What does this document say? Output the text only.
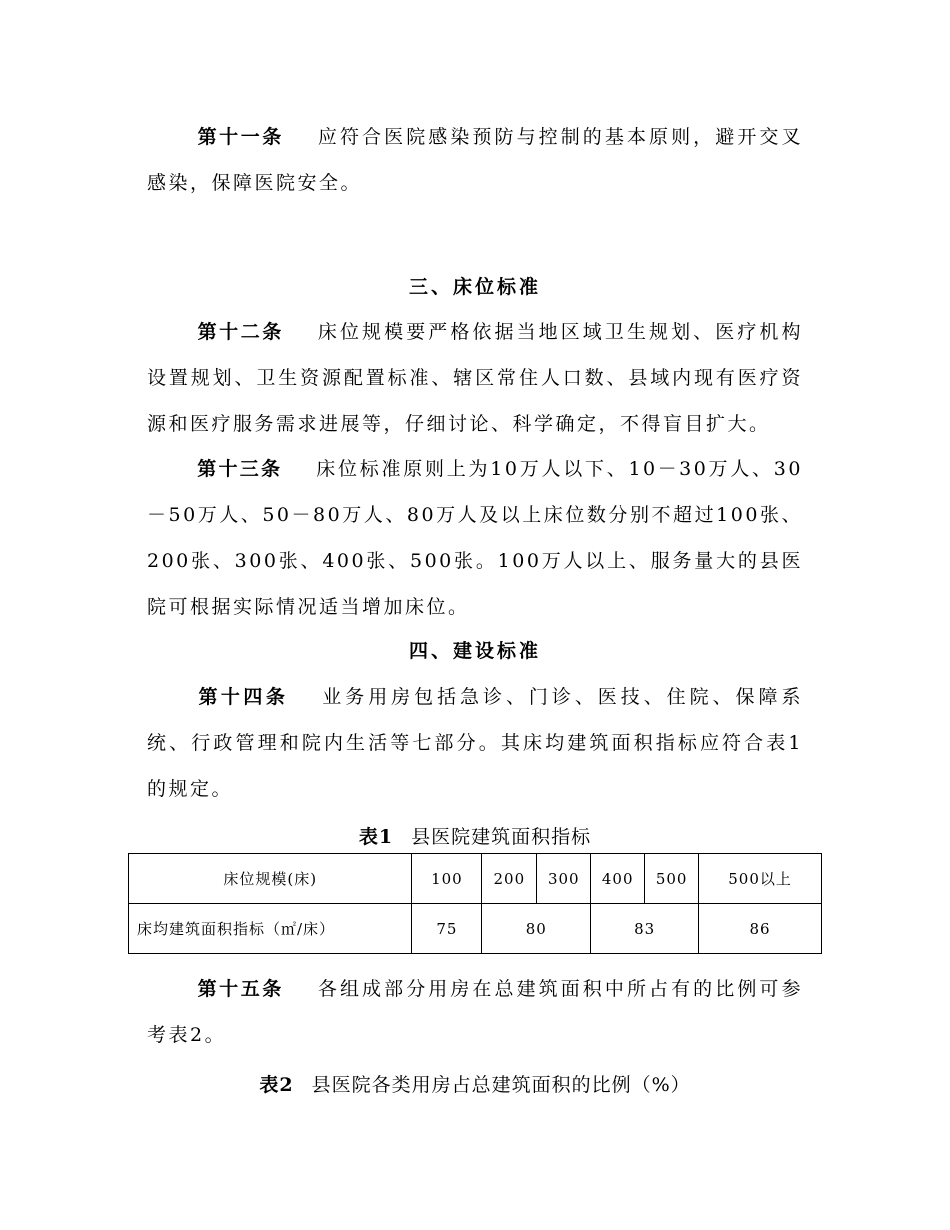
第十一条 应符合医院感染预防与控制的基本原则，避开交叉感染，保障医院安全。

三、床位标准

第十二条 床位规模要严格依据当地区域卫生规划、医疗机构设置规划、卫生资源配置标准、辖区常住人口数、县域内现有医疗资源和医疗服务需求进展等，仔细讨论、科学确定，不得盲目扩大。

第十三条 床位标准原则上为10万人以下、10－30万人、30－50万人、50－80万人、80万人及以上床位数分别不超过100张、200张、300张、400张、500张。100万人以上、服务量大的县医院可根据实际情况适当增加床位。

四、建设标准

第十四条 业务用房包括急诊、门诊、医技、住院、保障系统、行政管理和院内生活等七部分。其床均建筑面积指标应符合表1的规定。

表1 县医院建筑面积指标

床位规模(床)	100	200	300	400	500	500以上
床均建筑面积指标（㎡/床）	75	80		83		86

第十五条 各组成部分用房在总建筑面积中所占有的比例可参考表2。

表2 县医院各类用房占总建筑面积的比例（%）
